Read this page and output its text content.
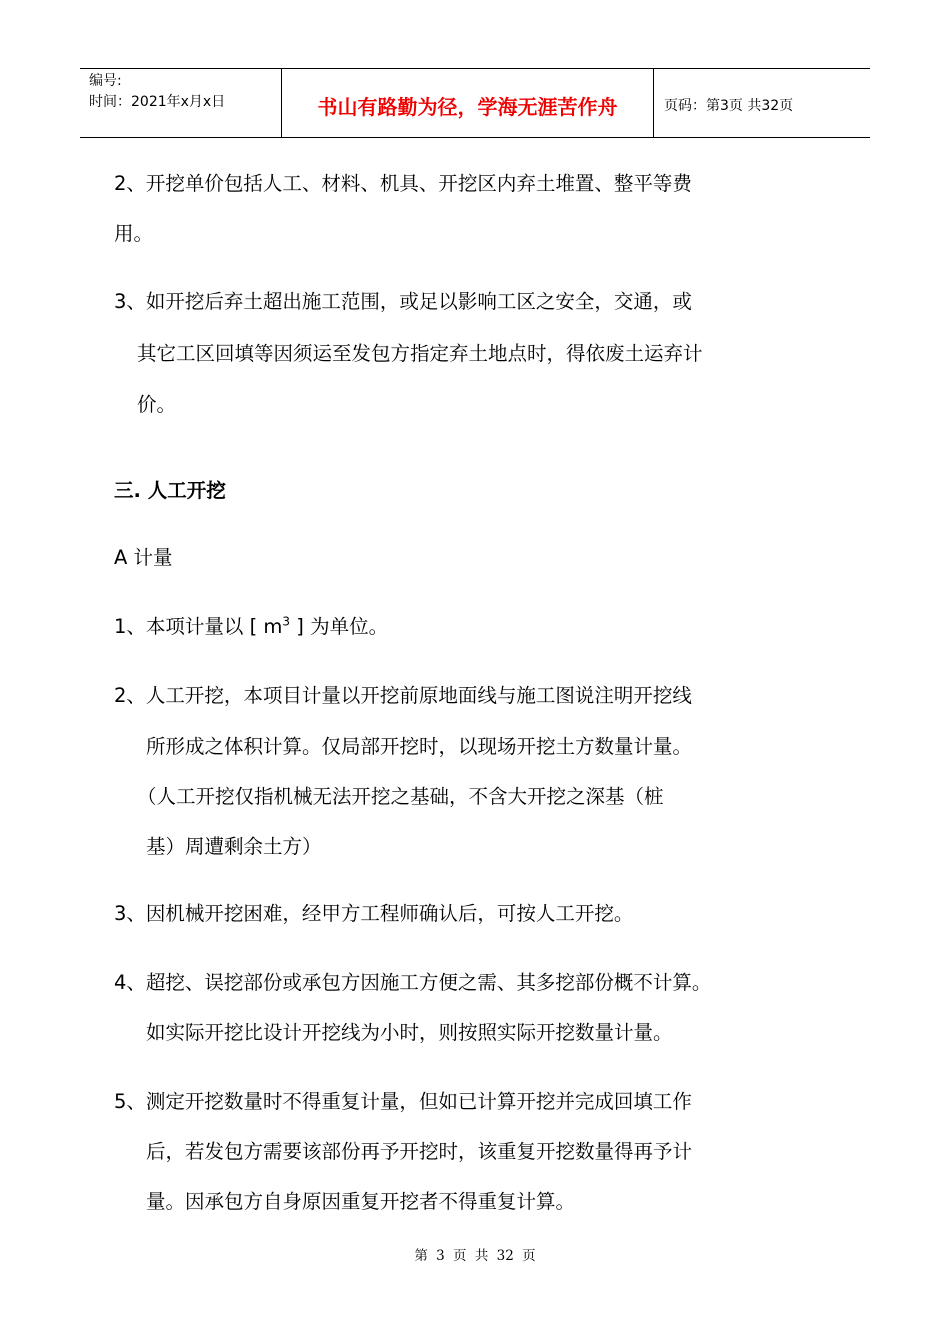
编号:
时间：2021年x月x日	书山有路勤为径，学海无涯苦作舟	页码：第3页 共32页
2、开挖单价包括人工、材料、机具、开挖区内弃土堆置、整平等费
用。
3、如开挖后弃土超出施工范围，或足以影响工区之安全，交通，或
其它工区回填等因须运至发包方指定弃土地点时，得依废土运弃计
价。
三. 人工开挖
A 计量
1、本项计量以 [ $m^3$ ] 为单位。
2、人工开挖，本项目计量以开挖前原地面线与施工图说注明开挖线
所形成之体积计算。仅局部开挖时，以现场开挖土方数量计量。
（人工开挖仅指机械无法开挖之基础，不含大开挖之深基（桩
基）周遭剩余土方）
3、因机械开挖困难，经甲方工程师确认后，可按人工开挖。
4、超挖、误挖部份或承包方因施工方便之需、其多挖部份概不计算。
如实际开挖比设计开挖线为小时，则按照实际开挖数量计量。
5、测定开挖数量时不得重复计量，但如已计算开挖并完成回填工作
后，若发包方需要该部份再予开挖时，该重复开挖数量得再予计
量。因承包方自身原因重复开挖者不得重复计算。
第 3 页 共 32 页
